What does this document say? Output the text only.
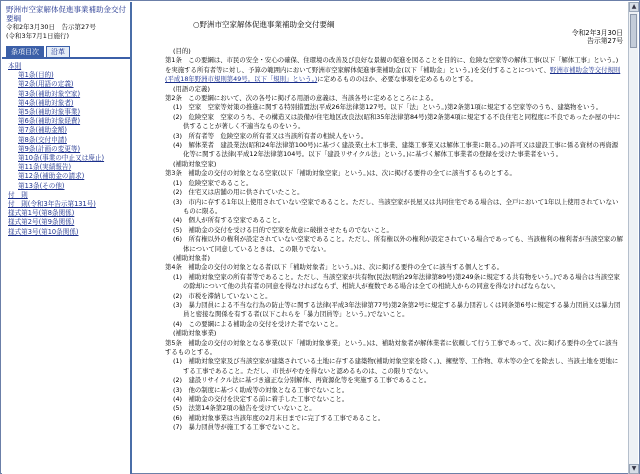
野洲市空家解体促進事業補助金交付要綱
令和2年3月30日　告示第27号
(令和3年7月1日施行)
条項目次	沿革
本則
第1条(目的)
第2条(用語の定義)
第3条(補助対象空家)
第4条(補助対象者)
第5条(補助対象事業)
第6条(補助対象経費)
第7条(補助金額)
第8条(交付申請)
第9条(計画の変更等)
第10条(事業の中止又は廃止)
第11条(実績報告)
第12条(補助金の請求)
第13条(その他)
付　則
付　則(令和3年告示第131号)
様式第1号(第8条関係)
様式第2号(第9条関係)
様式第3号(第10条関係)
○野洲市空家解体促進事業補助金交付要綱
令和2年3月30日
告示第27号

(目的)

第1条　この要綱は、市民の安全・安心の確保、住環境の改善及び良好な景観の促進を図ることを目的に、危険な空家等の解体工事(以下「解体工事」という。)を実施する所有者等に対し、予算の範囲内において野洲市空家解体促進事業補助金(以下「補助金」という。)を交付することについて、野洲市補助金等交付規則(平成18年野洲市規則第49号。以下「規則」という。)に定めるもののほか、必要な事項を定めるものとする。

(用語の定義)

第2条　この要綱において、次の各号に掲げる用語の意義は、当該各号に定めるところによる。

(1)　空家　空家等対策の推進に関する特別措置法(平成26年法律第127号。以下「法」という。)第2条第1項に規定する空家等のうち、建築物をいう。

(2)　危険空家　空家のうち、その構造又は設備が住宅地区改良法(昭和35年法律第84号)第2条第4項に規定する不良住宅と同程度に不良であったか屋の中に供することが著しく不適当なものをいう。

(3)　所有者等　危険空家の所有者又は当該所有者の相続人をいう。

(4)　解体業者　建設業法(昭和24年法律第100号)に基づく建設業(土木工事業、建築工事業又は解体工事業に限る。)の許可又は建設工事に係る資材の再資源化等に関する法律(平成12年法律第104号。以下「建設リサイクル法」という。)に基づく解体工事業者の登録を受けた事業者をいう。

(補助対象空家)

第3条　補助金の交付の対象となる空家(以下「補助対象空家」という。)は、次に掲げる要件の全てに該当するものとする。

(1)　危険空家であること。

(2)　住宅又は店舗の用に供されていたこと。

(3)　市内に存する1年以上使用されていない空家であること。ただし、当該空家が長屋又は共同住宅である場合は、全戸において1年以上使用されていないものに限る。

(4)　個人が所有する空家であること。

(5)　補助金の交付を受ける目的で空家を故意に破損させたものでないこと。

(6)　所有権以外の権利が設定されていない空家であること。ただし、所有権以外の権利が設定されている場合であっても、当該権利の権利者が当該空家の解体について同意しているときは、この限りでない。

(補助対象者)

第4条　補助金の交付の対象となる者(以下「補助対象者」という。)は、次に掲げる要件の全てに該当する個人とする。

(1)　補助対象空家の所有者等であること。ただし、当該空家が共有物(民法(明治29年法律第89号)第249条に規定する共有物をいう。)である場合は当該空家の除却について他の共有者の同意を得なければならず、相続人が複数である場合は全ての相続人からの同意を得なければならない。

(2)　市税を滞納していないこと。

(3)　暴力団員による不当な行為の防止等に関する法律(平成3年法律第77号)第2条第2号に規定する暴力団若しくは同条第6号に規定する暴力団員又は暴力団員と密接な関係を有する者(以下これらを「暴力団員等」という。)でないこと。

(4)　この要綱による補助金の交付を受けた者でないこと。

(補助対象事業)

第5条　補助金の交付の対象となる事業(以下「補助対象事業」という。)は、補助対象者が解体業者に依頼して行う工事であって、次に掲げる要件の全てに該当するものとする。

(1)　補助対象空家及び当該空家が建築されている土地に存する建築物(補助対象空家を除く。)、擁壁等、工作物、草木等の全てを除去し、当該土地を更地にする工事であること。ただし、市長がやむを得ないと認めるものは、この限りでない。

(2)　建設リサイクル法に基づき適正な分別解体、再資源化等を実施する工事であること。

(3)　他の制度に基づく助成等の対象となる工事でないこと。

(4)　補助金の交付を決定する前に着手した工事でないこと。

(5)　法第14条第2項の勧告を受けていないこと。

(6)　補助対象事業は当該年度の2月末日までに完了する工事であること。

(7)　暴力団員等が施工する工事でないこと。

▲
▼
